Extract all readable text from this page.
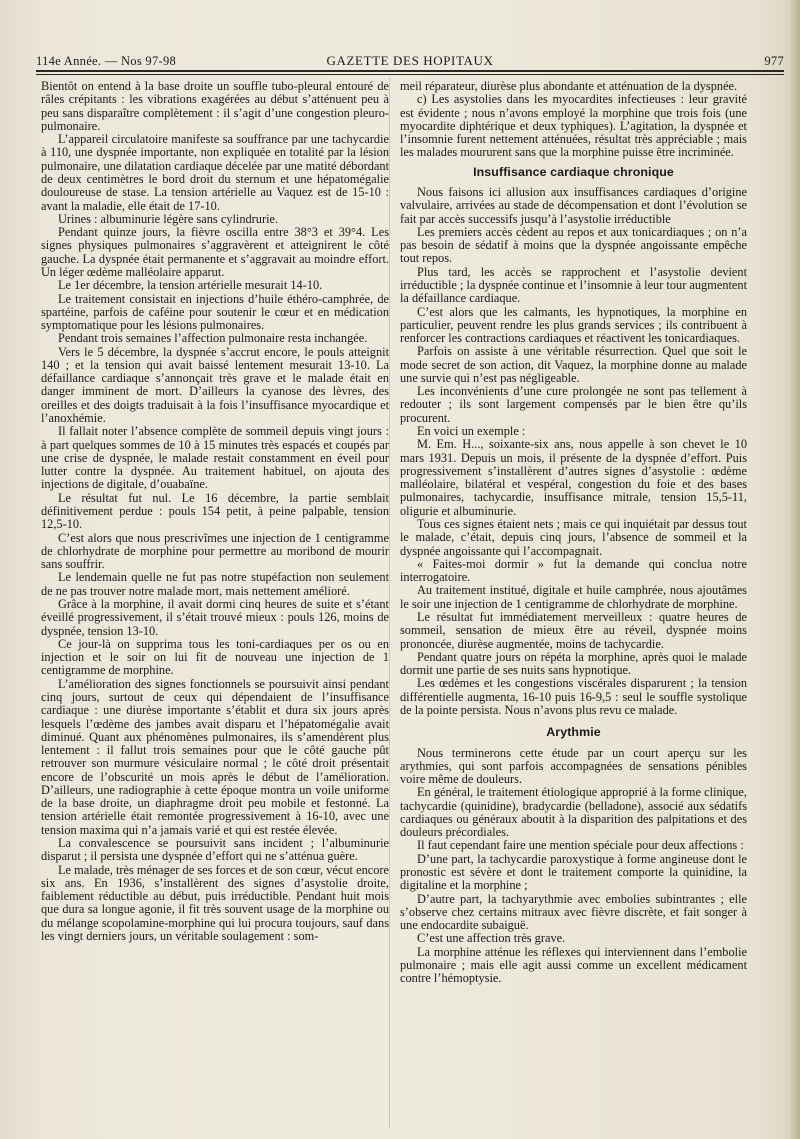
114e Année. — Nos 97-98	GAZETTE DES HOPITAUX	977

Bientôt on entend à la base droite un souffle tubo-pleural entouré de râles crépitants : les vibrations exagérées au début s’atténuent peu à peu sans disparaître complètement : il s’agit d’une congestion pleuro-pulmonaire.

L’appareil circulatoire manifeste sa souffrance par une tachycardie à 110, une dyspnée importante, non expliquée en totalité par la lésion pulmonaire, une dilatation cardiaque décelée par une matité débordant de deux centimètres le bord droit du sternum et une hépatomégalie douloureuse de stase. La tension artérielle au Vaquez est de 15-10 : avant la maladie, elle était de 17-10.

Urines : albuminurie légère sans cylindrurie.

Pendant quinze jours, la fièvre oscilla entre 38°3 et 39°4. Les signes physiques pulmonaires s’aggravèrent et atteignirent le côté gauche. La dyspnée était permanente et s’aggravait au moindre effort. Un léger œdème malléolaire apparut.

Le 1er décembre, la tension artérielle mesurait 14-10.

Le traitement consistait en injections d’huile éthéro-camphrée, de spartéine, parfois de caféine pour soutenir le cœur et en médication symptomatique pour les lésions pulmonaires.

Pendant trois semaines l’affection pulmonaire resta inchangée.

Vers le 5 décembre, la dyspnée s’accrut encore, le pouls atteignit 140 ; et la tension qui avait baissé lentement mesurait 13-10. La défaillance cardiaque s’annonçait très grave et le malade était en danger imminent de mort. D’ailleurs la cyanose des lèvres, des oreilles et des doigts traduisait à la fois l’insuffisance myocardique et l’anoxhémie.

Il fallait noter l’absence complète de sommeil depuis vingt jours : à part quelques sommes de 10 à 15 minutes très espacés et coupés par une crise de dyspnée, le malade restait constamment en éveil pour lutter contre la dyspnée. Au traitement habituel, on ajouta des injections de digitale, d’ouabaïne.

Le résultat fut nul. Le 16 décembre, la partie semblait définitivement perdue : pouls 154 petit, à peine palpable, tension 12,5-10.

C’est alors que nous prescrivîmes une injection de 1 centigramme de chlorhydrate de morphine pour permettre au moribond de mourir sans souffrir.

Le lendemain quelle ne fut pas notre stupéfaction non seulement de ne pas trouver notre malade mort, mais nettement amélioré.

Grâce à la morphine, il avait dormi cinq heures de suite et s’étant éveillé progressivement, il s’était trouvé mieux : pouls 126, moins de dyspnée, tension 13-10.

Ce jour-là on supprima tous les toni-cardiaques per os ou en injection et le soir on lui fit de nouveau une injection de 1 centigramme de morphine.

L’amélioration des signes fonctionnels se poursuivit ainsi pendant cinq jours, surtout de ceux qui dépendaient de l’insuffisance cardiaque : une diurèse importante s’établit et dura six jours après lesquels l’œdème des jambes avait disparu et l’hépatomégalie avait diminué. Quant aux phénomènes pulmonaires, ils s’amendèrent plus lentement : il fallut trois semaines pour que le côté gauche pût retrouver son murmure vésiculaire normal ; le côté droit présentait encore de l’obscurité un mois après le début de l’amélioration. D’ailleurs, une radiographie à cette époque montra un voile uniforme de la base droite, un diaphragme droit peu mobile et festonné. La tension artérielle était remontée progressivement à 16-10, avec une tension maxima qui n’a jamais varié et qui est restée élevée.

La convalescence se poursuivit sans incident ; l’albuminurie disparut ; il persista une dyspnée d’effort qui ne s’atténua guère.

Le malade, très ménager de ses forces et de son cœur, vécut encore six ans. En 1936, s’installèrent des signes d’asystolie droite, faiblement réductible au début, puis irréductible. Pendant huit mois que dura sa longue agonie, il fit très souvent usage de la morphine ou du mélange scopolamine-morphine qui lui procura toujours, sauf dans les vingt derniers jours, un véritable soulagement : som-

meil réparateur, diurèse plus abondante et atténuation de la dyspnée.

c) Les asystolies dans les myocardites infectieuses : leur gravité est évidente ; nous n’avons employé la morphine que trois fois (une myocardite diphtérique et deux typhiques). L’agitation, la dyspnée et l’insomnie furent nettement atténuées, résultat très appréciable ; mais les malades moururent sans que la morphine puisse être incriminée.

Insuffisance cardiaque chronique

Nous faisons ici allusion aux insuffisances cardiaques d’origine valvulaire, arrivées au stade de décompensation et dont l’évolution se fait par accès successifs jusqu’à l’asystolie irréductible

Les premiers accès cèdent au repos et aux tonicardiaques ; on n’a pas besoin de sédatif à moins que la dyspnée angoissante empêche tout repos.

Plus tard, les accès se rapprochent et l’asystolie devient irréductible ; la dyspnée continue et l’insomnie à leur tour augmentent la défaillance cardiaque.

C’est alors que les calmants, les hypnotiques, la morphine en particulier, peuvent rendre les plus grands services ; ils contribuent à renforcer les contractions cardiaques et réactivent les tonicardiaques.

Parfois on assiste à une véritable résurrection. Quel que soit le mode secret de son action, dit Vaquez, la morphine donne au malade une survie qui n’est pas négligeable.

Les inconvénients d’une cure prolongée ne sont pas tellement à redouter ; ils sont largement compensés par le bien être qu’ils procurent.

En voici un exemple :

M. Em. H..., soixante-six ans, nous appelle à son chevet le 10 mars 1931. Depuis un mois, il présente de la dyspnée d’effort. Puis progressivement s’installèrent d’autres signes d’asystolie : œdème malléolaire, bilatéral et vespéral, congestion du foie et des bases pulmonaires, tachycardie, insuffisance mitrale, tension 15,5-11, oligurie et albuminurie.

Tous ces signes étaient nets ; mais ce qui inquiétait par dessus tout le malade, c’était, depuis cinq jours, l’absence de sommeil et la dyspnée angoissante qui l’accompagnait.

« Faites-moi dormir » fut la demande qui conclua notre interrogatoire.

Au traitement institué, digitale et huile camphrée, nous ajoutâmes le soir une injection de 1 centigramme de chlorhydrate de morphine.

Le résultat fut immédiatement merveilleux : quatre heures de sommeil, sensation de mieux être au réveil, dyspnée moins prononcée, diurèse augmentée, moins de tachycardie.

Pendant quatre jours on répéta la morphine, après quoi le malade dormit une partie de ses nuits sans hypnotique.

Les œdèmes et les congestions viscérales disparurent ; la tension différentielle augmenta, 16-10 puis 16-9,5 : seul le souffle systolique de la pointe persista. Nous n’avons plus revu ce malade.

Arythmie

Nous terminerons cette étude par un court aperçu sur les arythmies, qui sont parfois accompagnées de sensations pénibles voire même de douleurs.

En général, le traitement étiologique approprié à la forme clinique, tachycardie (quinidine), bradycardie (belladone), associé aux sédatifs cardiaques ou généraux aboutit à la disparition des palpitations et des douleurs précordiales.

Il faut cependant faire une mention spéciale pour deux affections :

D’une part, la tachycardie paroxystique à forme angineuse dont le pronostic est sévère et dont le traitement comporte la quinidine, la digitaline et la morphine ;

D’autre part, la tachyarythmie avec embolies subintrantes ; elle s’observe chez certains mitraux avec fièvre discrète, et fait songer à une endocardite subaiguë.

C’est une affection très grave.

La morphine atténue les réflexes qui interviennent dans l’embolie pulmonaire ; mais elle agit aussi comme un excellent médicament contre l’hémoptysie.
